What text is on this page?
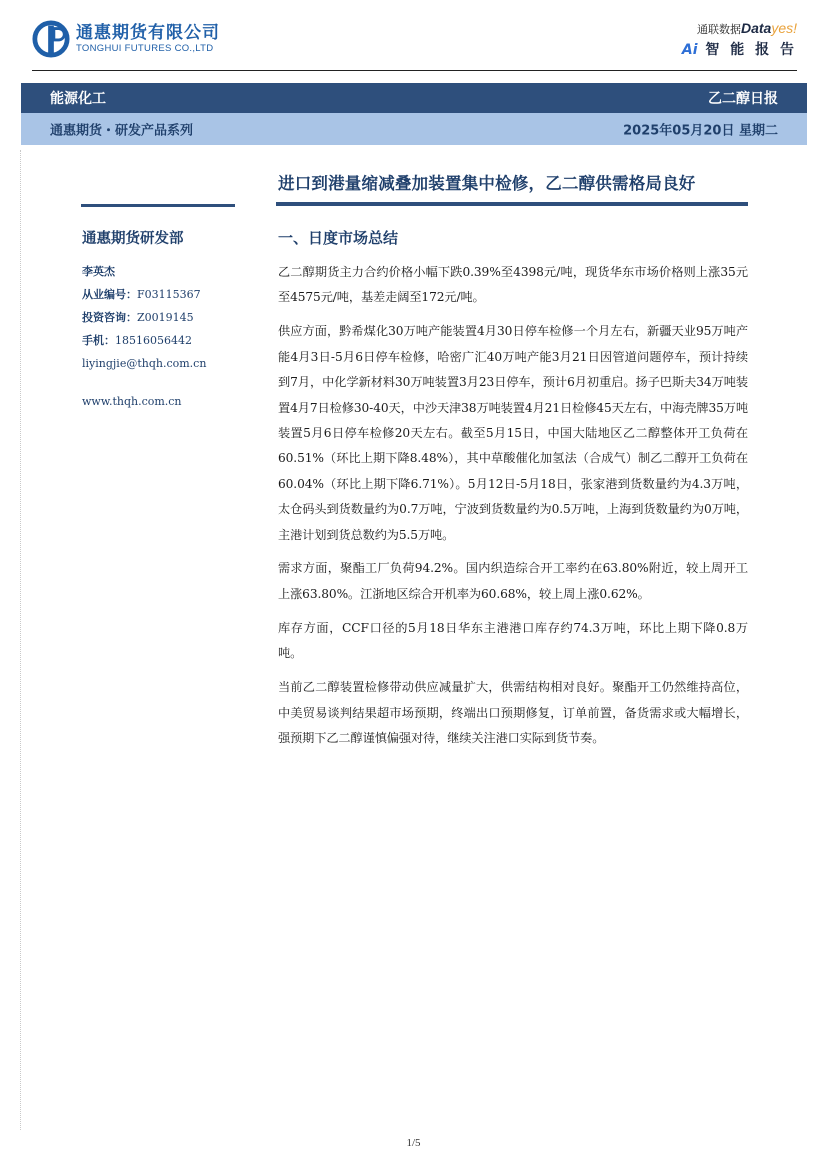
通惠期货有限公司
TONGHUI FUTURES CO.,LTD
通联数据Datayes!
Ai 智 能 报 告
能源化工	乙二醇日报
通惠期货・研发产品系列	2025年05月20日 星期二
进口到港量缩减叠加装置集中检修，乙二醇供需格局良好
通惠期货研发部
李英杰
从业编号：F03115367
投资咨询：Z0019145
手机：18516056442
liyingjie@thqh.com.cn
www.thqh.com.cn
一、日度市场总结

乙二醇期货主力合约价格小幅下跌0.39%至4398元/吨，现货华东市场价格则上涨35元至4575元/吨，基差走阔至172元/吨。

供应方面，黔希煤化30万吨产能装置4月30日停车检修一个月左右，新疆天业95万吨产能4月3日-5月6日停车检修，哈密广汇40万吨产能3月21日因管道问题停车，预计持续到7月，中化学新材料30万吨装置3月23日停车，预计6月初重启。扬子巴斯夫34万吨装置4月7日检修30-40天，中沙天津38万吨装置4月21日检修45天左右，中海壳牌35万吨装置5月6日停车检修20天左右。截至5月15日，中国大陆地区乙二醇整体开工负荷在60.51%（环比上期下降8.48%），其中草酸催化加氢法（合成气）制乙二醇开工负荷在60.04%（环比上期下降6.71%）。5月12日-5月18日，张家港到货数量约为4.3万吨，太仓码头到货数量约为0.7万吨，宁波到货数量约为0.5万吨，上海到货数量约为0万吨，主港计划到货总数约为5.5万吨。

需求方面，聚酯工厂负荷94.2%。国内织造综合开工率约在63.80%附近，较上周开工上涨63.80%。江浙地区综合开机率为60.68%，较上周上涨0.62%。

库存方面，CCF口径的5月18日华东主港港口库存约74.3万吨，环比上期下降0.8万吨。

当前乙二醇装置检修带动供应减量扩大，供需结构相对良好。聚酯开工仍然维持高位，中美贸易谈判结果超市场预期，终端出口预期修复，订单前置，备货需求或大幅增长，强预期下乙二醇谨慎偏强对待，继续关注港口实际到货节奏。

1/5
